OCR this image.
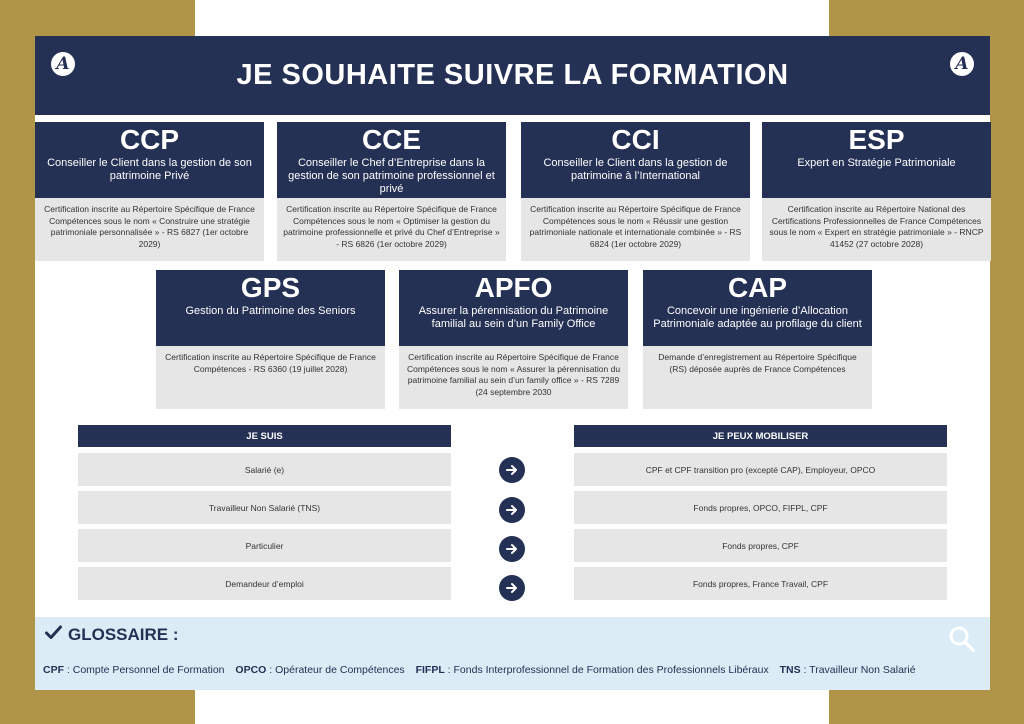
A	JE SOUHAITE SUIVRE LA FORMATION	A
CCP
Conseiller le Client dans la gestion de son patrimoine Privé
Certification inscrite au Répertoire Spécifique de France Compétences sous le nom « Construire une stratégie patrimoniale personnalisée » - RS 6827 (1er octobre 2029)
CCE
Conseiller le Chef d’Entreprise dans la gestion de son patrimoine professionnel et privé
Certification inscrite au Répertoire Spécifique de France Compétences sous le nom « Optimiser la gestion du patrimoine professionnelle et privé du Chef d’Entreprise » - RS 6826 (1er octobre 2029)
CCI
Conseiller le Client dans la gestion de patrimoine à l’International
Certification inscrite au Répertoire Spécifique de France Compétences sous le nom « Réussir une gestion patrimoniale nationale et internationale combinée » - RS 6824 (1er octobre 2029)
ESP
Expert en Stratégie Patrimoniale
Certification inscrite au Répertoire National des Certifications Professionnelles de France Compétences sous le nom « Expert en stratégie patrimoniale » - RNCP 41452 (27 octobre 2028)
GPS
Gestion du Patrimoine des Seniors
Certification inscrite au Répertoire Spécifique de France Compétences - RS 6360 (19 juillet 2028)
APFO
Assurer la pérennisation du Patrimoine familial au sein d’un Family Office
Certification inscrite au Répertoire Spécifique de France Compétences sous le nom « Assurer la pérennisation du patrimoine familial au sein d’un family office » - RS 7289 (24 septembre 2030
CAP
Concevoir une ingénierie d’Allocation Patrimoniale adaptée au profilage du client
Demande d’enregistrement au Répertoire Spécifique (RS) déposée auprès de France Compétences
JE SUIS	JE PEUX MOBILISER
Salarié (e)	CPF et CPF transition pro (excepté CAP), Employeur, OPCO
Travailleur Non Salarié (TNS)	Fonds propres, OPCO, FIFPL, CPF
Particulier	Fonds propres, CPF
Demandeur d’emploi	Fonds propres, France Travail, CPF
GLOSSAIRE :
CPF : Compte Personnel de Formation OPCO : Opérateur de Compétences FIFPL : Fonds Interprofessionnel de Formation des Professionnels Libéraux TNS : Travailleur Non Salarié
